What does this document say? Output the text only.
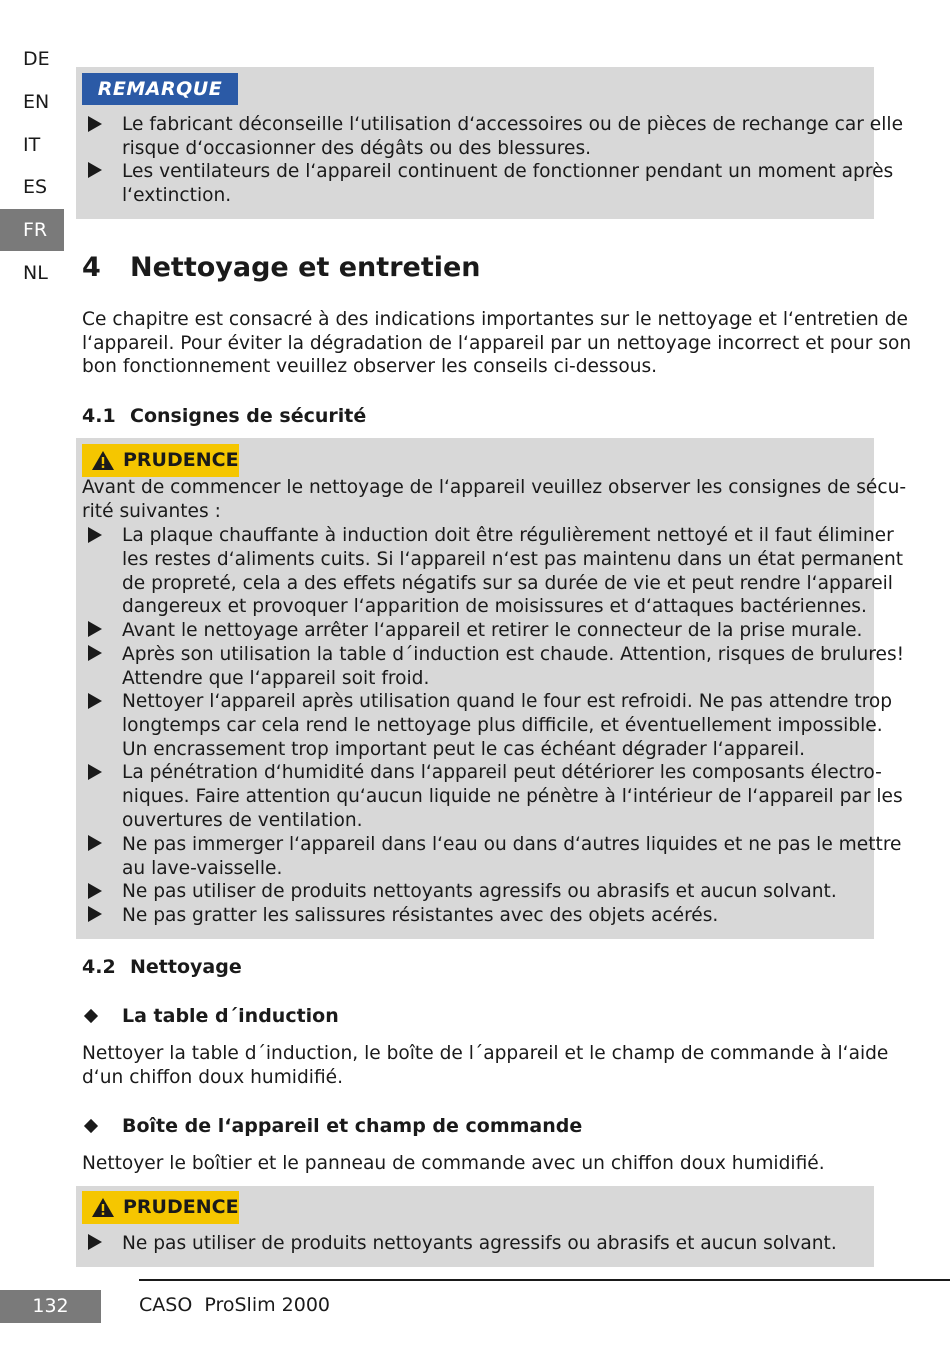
DE
EN
IT
ES
FR
NL
REMARQUE
Le fabricant déconseille l‘utilisation d‘accessoires ou de pièces de rechange car elle
risque d‘occasionner des dégâts ou des blessures.
Les ventilateurs de l‘appareil continuent de fonctionner pendant un moment après
l‘extinction.
4 Nettoyage et entretien
Ce chapitre est consacré à des indications importantes sur le nettoyage et l‘entretien de
l‘appareil. Pour éviter la dégradation de l‘appareil par un nettoyage incorrect et pour son
bon fonctionnement veuillez observer les conseils ci-dessous.
4.1 Consignes de sécurité
PRUDENCE
Avant de commencer le nettoyage de l‘appareil veuillez observer les consignes de sécu-
rité suivantes :
La plaque chauffante à induction doit être régulièrement nettoyé et il faut éliminer
les restes d‘aliments cuits. Si l‘appareil n‘est pas maintenu dans un état permanent
de propreté, cela a des effets négatifs sur sa durée de vie et peut rendre l‘appareil
dangereux et provoquer l‘apparition de moisissures et d‘attaques bactériennes.
Avant le nettoyage arrêter l‘appareil et retirer le connecteur de la prise murale.
Après son utilisation la table d´induction est chaude. Attention, risques de brulures!
Attendre que l‘appareil soit froid.
Nettoyer l‘appareil après utilisation quand le four est refroidi. Ne pas attendre trop
longtemps car cela rend le nettoyage plus difficile, et éventuellement impossible.
Un encrassement trop important peut le cas échéant dégrader l‘appareil.
La pénétration d‘humidité dans l‘appareil peut détériorer les composants électro-
niques. Faire attention qu‘aucun liquide ne pénètre à l‘intérieur de l‘appareil par les
ouvertures de ventilation.
Ne pas immerger l‘appareil dans l‘eau ou dans d‘autres liquides et ne pas le mettre
au lave-vaisselle.
Ne pas utiliser de produits nettoyants agressifs ou abrasifs et aucun solvant.
Ne pas gratter les salissures résistantes avec des objets acérés.
4.2 Nettoyage
La table d´induction
Nettoyer la table d´induction, le boîte de l´appareil et le champ de commande à l‘aide
d‘un chiffon doux humidifié.
Boîte de l‘appareil et champ de commande
Nettoyer le boîtier et le panneau de commande avec un chiffon doux humidifié.
PRUDENCE
Ne pas utiliser de produits nettoyants agressifs ou abrasifs et aucun solvant.
132	CASO  ProSlim 2000
